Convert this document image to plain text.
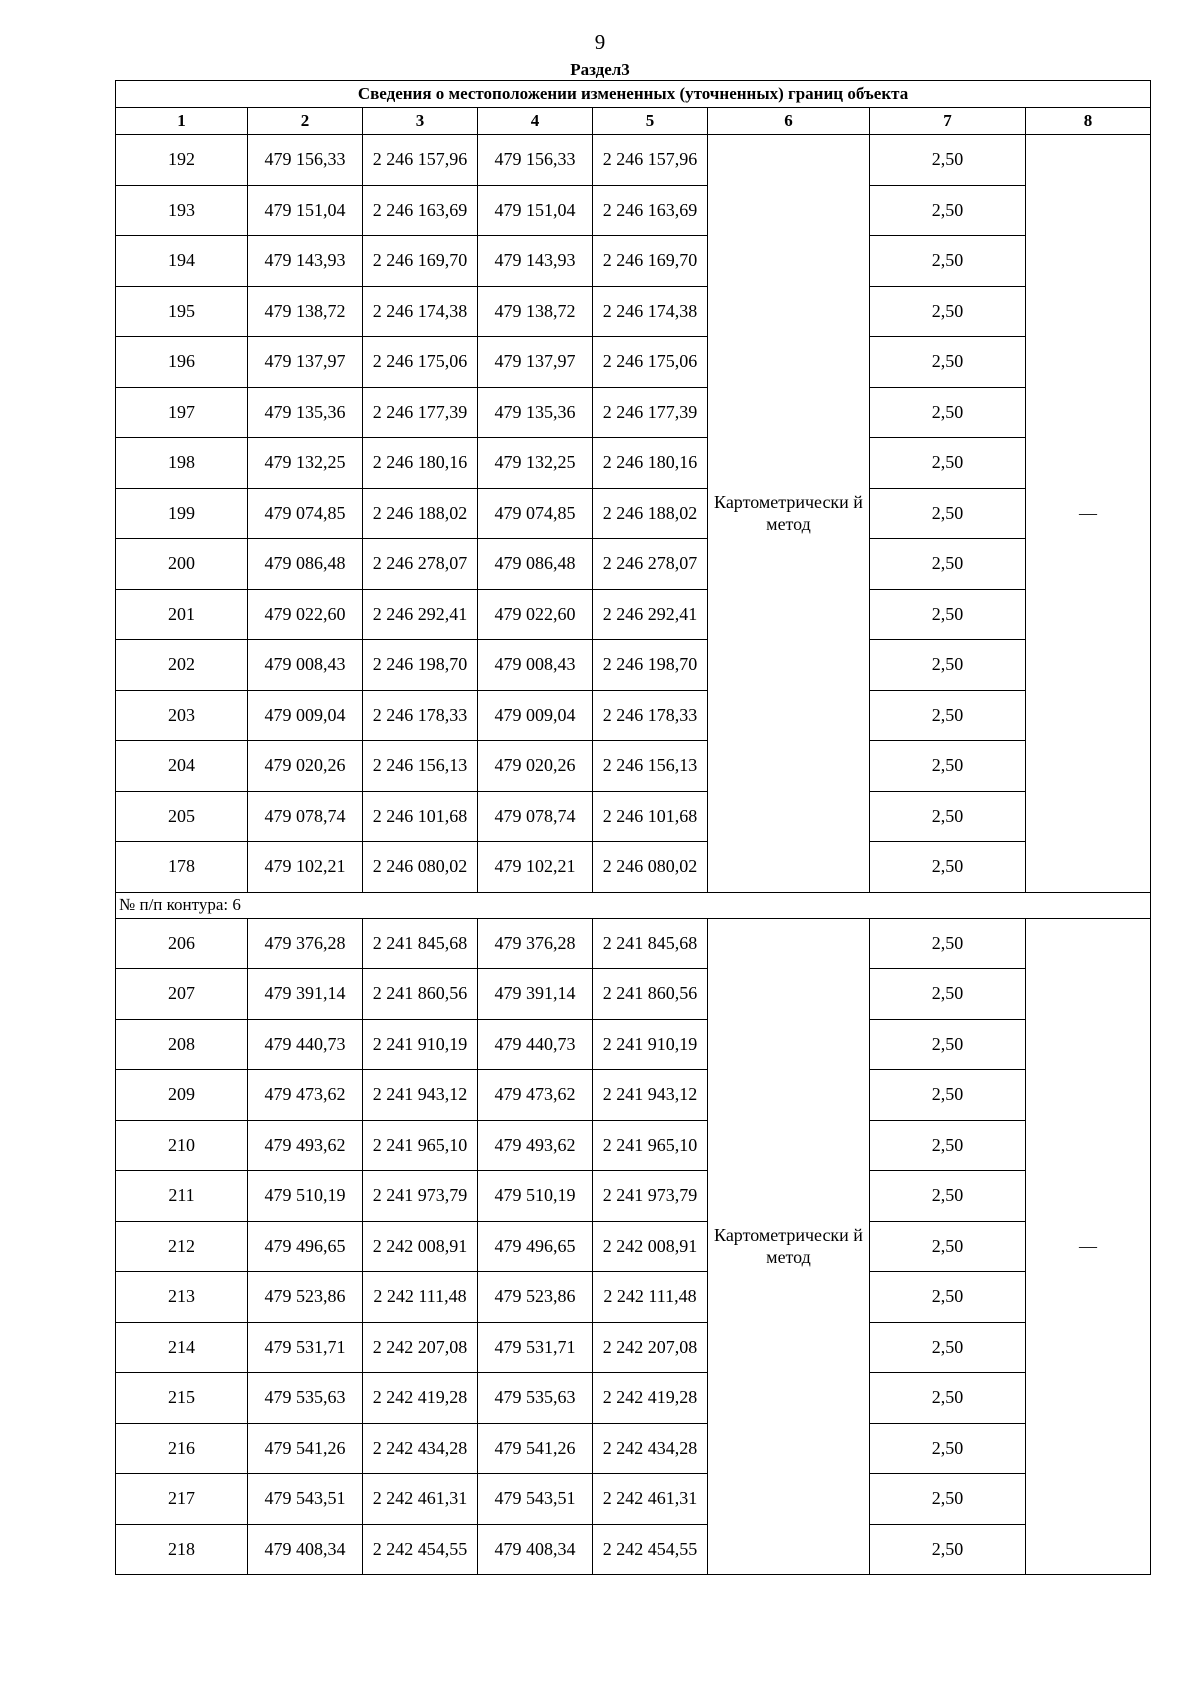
9
Раздел3
Сведения о местоположении измененных (уточненных) границ объекта							
1	2	3	4	5	6	7	8
192	479 156,33	2 246 157,96	479 156,33	2 246 157,96	Картометрически й метод	2,50	—
193	479 151,04	2 246 163,69	479 151,04	2 246 163,69		2,50	
194	479 143,93	2 246 169,70	479 143,93	2 246 169,70		2,50	
195	479 138,72	2 246 174,38	479 138,72	2 246 174,38		2,50	
196	479 137,97	2 246 175,06	479 137,97	2 246 175,06		2,50	
197	479 135,36	2 246 177,39	479 135,36	2 246 177,39		2,50	
198	479 132,25	2 246 180,16	479 132,25	2 246 180,16		2,50	
199	479 074,85	2 246 188,02	479 074,85	2 246 188,02		2,50	
200	479 086,48	2 246 278,07	479 086,48	2 246 278,07		2,50	
201	479 022,60	2 246 292,41	479 022,60	2 246 292,41		2,50	
202	479 008,43	2 246 198,70	479 008,43	2 246 198,70		2,50	
203	479 009,04	2 246 178,33	479 009,04	2 246 178,33		2,50	
204	479 020,26	2 246 156,13	479 020,26	2 246 156,13		2,50	
205	479 078,74	2 246 101,68	479 078,74	2 246 101,68		2,50	
178	479 102,21	2 246 080,02	479 102,21	2 246 080,02		2,50	
№ п/п контура: 6							
206	479 376,28	2 241 845,68	479 376,28	2 241 845,68	Картометрически й метод	2,50	—
207	479 391,14	2 241 860,56	479 391,14	2 241 860,56		2,50	
208	479 440,73	2 241 910,19	479 440,73	2 241 910,19		2,50	
209	479 473,62	2 241 943,12	479 473,62	2 241 943,12		2,50	
210	479 493,62	2 241 965,10	479 493,62	2 241 965,10		2,50	
211	479 510,19	2 241 973,79	479 510,19	2 241 973,79		2,50	
212	479 496,65	2 242 008,91	479 496,65	2 242 008,91		2,50	
213	479 523,86	2 242 111,48	479 523,86	2 242 111,48		2,50	
214	479 531,71	2 242 207,08	479 531,71	2 242 207,08		2,50	
215	479 535,63	2 242 419,28	479 535,63	2 242 419,28		2,50	
216	479 541,26	2 242 434,28	479 541,26	2 242 434,28		2,50	
217	479 543,51	2 242 461,31	479 543,51	2 242 461,31		2,50	
218	479 408,34	2 242 454,55	479 408,34	2 242 454,55		2,50	
